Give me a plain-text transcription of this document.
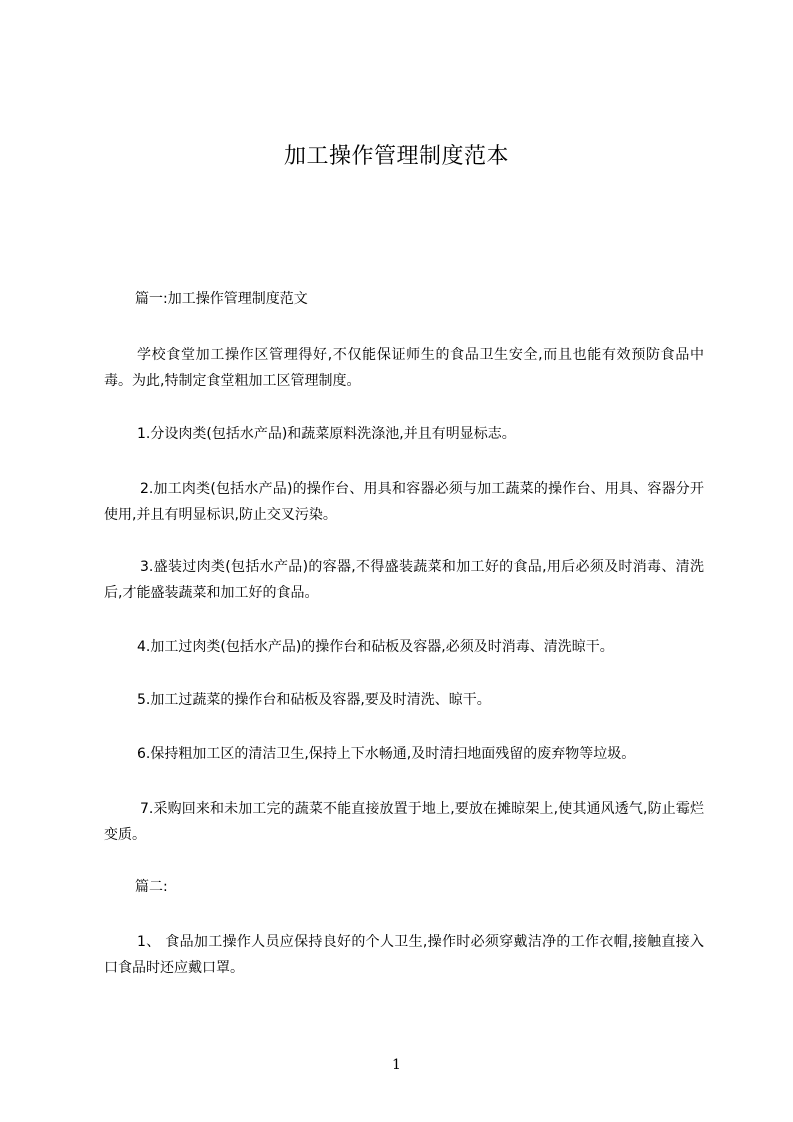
加工操作管理制度范本
篇一:加工操作管理制度范文
学校食堂加工操作区管理得好,不仅能保证师生的食品卫生安全,而且也能有效预防食品中毒。为此,特制定食堂粗加工区管理制度。
1.分设肉类(包括水产品)和蔬菜原料洗涤池,并且有明显标志。
2.加工肉类(包括水产品)的操作台、用具和容器必须与加工蔬菜的操作台、用具、容器分开使用,并且有明显标识,防止交叉污染。
3.盛装过肉类(包括水产品)的容器,不得盛装蔬菜和加工好的食品,用后必须及时消毒、清洗后,才能盛装蔬菜和加工好的食品。
4.加工过肉类(包括水产品)的操作台和砧板及容器,必须及时消毒、清洗晾干。
5.加工过蔬菜的操作台和砧板及容器,要及时清洗、晾干。
6.保持粗加工区的清洁卫生,保持上下水畅通,及时清扫地面残留的废弃物等垃圾。
7.采购回来和未加工完的蔬菜不能直接放置于地上,要放在摊晾架上,使其通风透气,防止霉烂变质。
篇二:
1、 食品加工操作人员应保持良好的个人卫生,操作时必须穿戴洁净的工作衣帽,接触直接入口食品时还应戴口罩。
1
